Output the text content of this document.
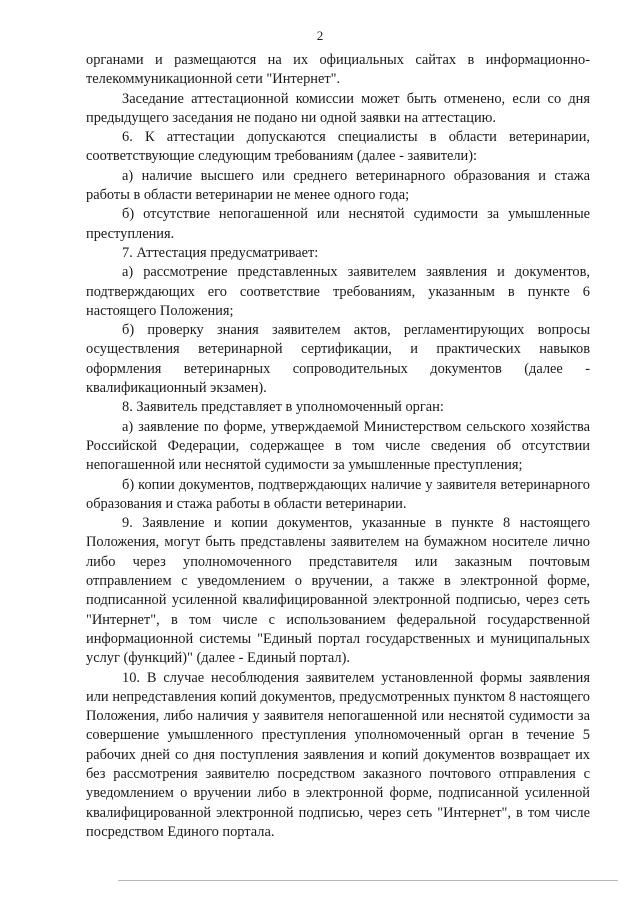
2

органами и размещаются на их официальных сайтах в информационно-телекоммуникационной сети "Интернет".

Заседание аттестационной комиссии может быть отменено, если со дня предыдущего заседания не подано ни одной заявки на аттестацию.

6. К аттестации допускаются специалисты в области ветеринарии, соответствующие следующим требованиям (далее - заявители):

а) наличие высшего или среднего ветеринарного образования и стажа работы в области ветеринарии не менее одного года;

б) отсутствие непогашенной или неснятой судимости за умышленные преступления.

7. Аттестация предусматривает:

а) рассмотрение представленных заявителем заявления и документов, подтверждающих его соответствие требованиям, указанным в пункте 6 настоящего Положения;

б) проверку знания заявителем актов, регламентирующих вопросы осуществления ветеринарной сертификации, и практических навыков оформления ветеринарных сопроводительных документов (далее - квалификационный экзамен).

8. Заявитель представляет в уполномоченный орган:

а) заявление по форме, утверждаемой Министерством сельского хозяйства Российской Федерации, содержащее в том числе сведения об отсутствии непогашенной или неснятой судимости за умышленные преступления;

б) копии документов, подтверждающих наличие у заявителя ветеринарного образования и стажа работы в области ветеринарии.

9. Заявление и копии документов, указанные в пункте 8 настоящего Положения, могут быть представлены заявителем на бумажном носителе лично либо через уполномоченного представителя или заказным почтовым отправлением с уведомлением о вручении, а также в электронной форме, подписанной усиленной квалифицированной электронной подписью, через сеть "Интернет", в том числе с использованием федеральной государственной информационной системы "Единый портал государственных и муниципальных услуг (функций)" (далее - Единый портал).

10. В случае несоблюдения заявителем установленной формы заявления или непредставления копий документов, предусмотренных пунктом 8 настоящего Положения, либо наличия у заявителя непогашенной или неснятой судимости за совершение умышленного преступления уполномоченный орган в течение 5 рабочих дней со дня поступления заявления и копий документов возвращает их без рассмотрения заявителю посредством заказного почтового отправления с уведомлением о вручении либо в электронной форме, подписанной усиленной квалифицированной электронной подписью, через сеть "Интернет", в том числе посредством Единого портала.
